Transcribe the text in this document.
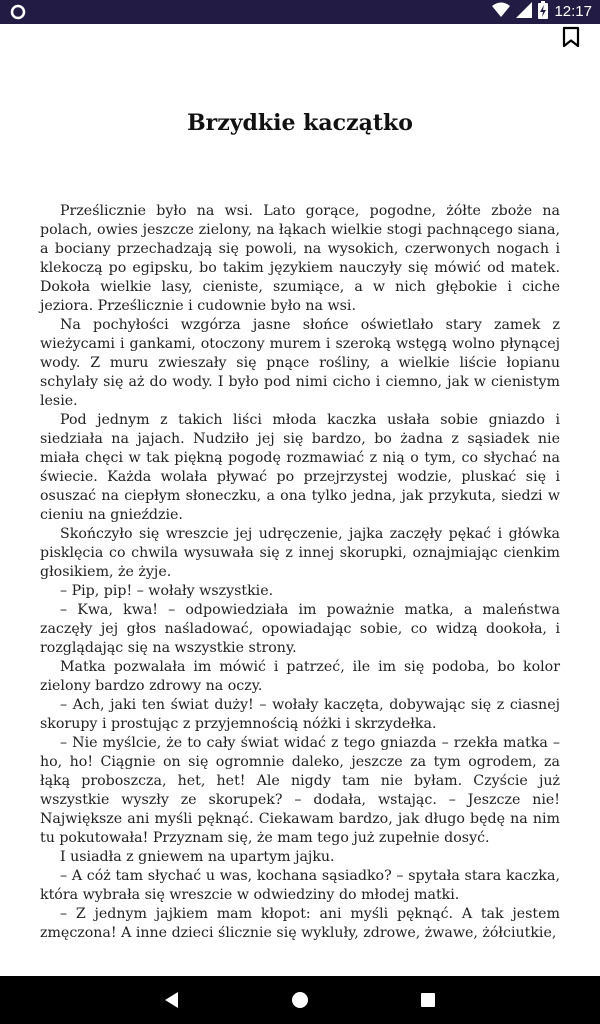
12:17
Brzydkie kaczątko

Prześlicznie było na wsi. Lato gorące, pogodne, żółte zboże na polach, owies jeszcze zielony, na łąkach wielkie stogi pachnącego siana, a bociany przechadzają się powoli, na wysokich, czerwonych nogach i klekoczą po egipsku, bo takim językiem nauczyły się mówić od matek. Dokoła wielkie lasy, cieniste, szumiące, a w nich głębokie i ciche jeziora. Prześlicznie i cudownie było na wsi.

Na pochyłości wzgórza jasne słońce oświetlało stary zamek z wieżycami i gankami, otoczony murem i szeroką wstęgą wolno płynącej wody. Z muru zwieszały się pnące rośliny, a wielkie liście łopianu schylały się aż do wody. I było pod nimi cicho i ciemno, jak w cienistym lesie.

Pod jednym z takich liści młoda kaczka usłała sobie gniazdo i siedziała na jajach. Nudziło jej się bardzo, bo żadna z sąsiadek nie miała chęci w tak piękną pogodę rozmawiać z nią o tym, co słychać na świecie. Każda wolała pływać po przejrzystej wodzie, pluskać się i osuszać na ciepłym słoneczku, a ona tylko jedna, jak przykuta, siedzi w cieniu na gnieździe.

Skończyło się wreszcie jej udręczenie, jajka zaczęły pękać i główka pisklęcia co chwila wysuwała się z innej skorupki, oznajmiając cienkim głosikiem, że żyje.

– Pip, pip! – wołały wszystkie.

– Kwa, kwa! – odpowiedziała im poważnie matka, a maleństwa zaczęły jej głos naśladować, opowiadając sobie, co widzą dookoła, i rozglądając się na wszystkie strony.

Matka pozwalała im mówić i patrzeć, ile im się podoba, bo kolor zielony bardzo zdrowy na oczy.

– Ach, jaki ten świat duży! – wołały kaczęta, dobywając się z ciasnej skorupy i prostując z przyjemnością nóżki i skrzydełka.

– Nie myślcie, że to cały świat widać z tego gniazda – rzekła matka – ho, ho! Ciągnie on się ogromnie daleko, jeszcze za tym ogrodem, za łąką proboszcza, het, het! Ale nigdy tam nie byłam. Czyście już wszystkie wyszły ze skorupek? – dodała, wstając. – Jeszcze nie! Największe ani myśli pęknąć. Ciekawam bardzo, jak długo będę na nim tu pokutowała! Przyznam się, że mam tego już zupełnie dosyć.

I usiadła z gniewem na upartym jajku.

– A cóż tam słychać u was, kochana sąsiadko? – spytała stara kaczka, która wybrała się wreszcie w odwiedziny do młodej matki.

– Z jednym jajkiem mam kłopot: ani myśli pęknąć. A tak jestem zmęczona! A inne dzieci ślicznie się wykluły, zdrowe, żwawe, żółciutkie,
